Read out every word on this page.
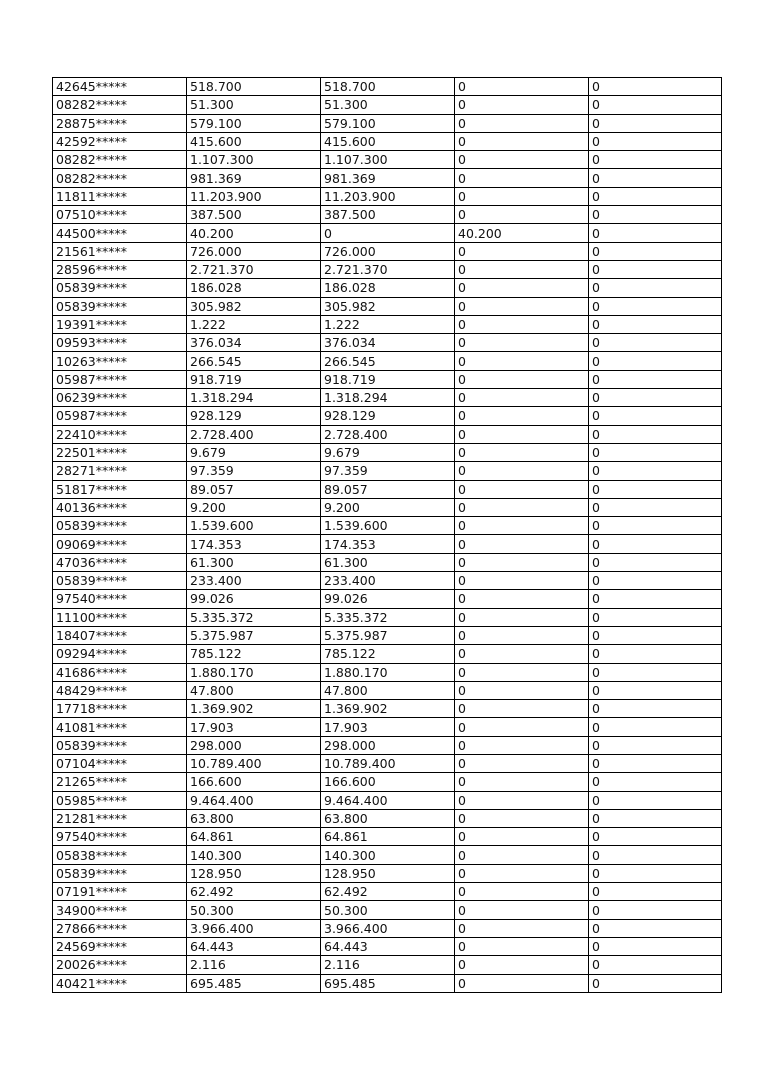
42645*****	518.700	518.700	0	0
08282*****	51.300	51.300	0	0
28875*****	579.100	579.100	0	0
42592*****	415.600	415.600	0	0
08282*****	1.107.300	1.107.300	0	0
08282*****	981.369	981.369	0	0
11811*****	11.203.900	11.203.900	0	0
07510*****	387.500	387.500	0	0
44500*****	40.200	0	40.200	0
21561*****	726.000	726.000	0	0
28596*****	2.721.370	2.721.370	0	0
05839*****	186.028	186.028	0	0
05839*****	305.982	305.982	0	0
19391*****	1.222	1.222	0	0
09593*****	376.034	376.034	0	0
10263*****	266.545	266.545	0	0
05987*****	918.719	918.719	0	0
06239*****	1.318.294	1.318.294	0	0
05987*****	928.129	928.129	0	0
22410*****	2.728.400	2.728.400	0	0
22501*****	9.679	9.679	0	0
28271*****	97.359	97.359	0	0
51817*****	89.057	89.057	0	0
40136*****	9.200	9.200	0	0
05839*****	1.539.600	1.539.600	0	0
09069*****	174.353	174.353	0	0
47036*****	61.300	61.300	0	0
05839*****	233.400	233.400	0	0
97540*****	99.026	99.026	0	0
11100*****	5.335.372	5.335.372	0	0
18407*****	5.375.987	5.375.987	0	0
09294*****	785.122	785.122	0	0
41686*****	1.880.170	1.880.170	0	0
48429*****	47.800	47.800	0	0
17718*****	1.369.902	1.369.902	0	0
41081*****	17.903	17.903	0	0
05839*****	298.000	298.000	0	0
07104*****	10.789.400	10.789.400	0	0
21265*****	166.600	166.600	0	0
05985*****	9.464.400	9.464.400	0	0
21281*****	63.800	63.800	0	0
97540*****	64.861	64.861	0	0
05838*****	140.300	140.300	0	0
05839*****	128.950	128.950	0	0
07191*****	62.492	62.492	0	0
34900*****	50.300	50.300	0	0
27866*****	3.966.400	3.966.400	0	0
24569*****	64.443	64.443	0	0
20026*****	2.116	2.116	0	0
40421*****	695.485	695.485	0	0
